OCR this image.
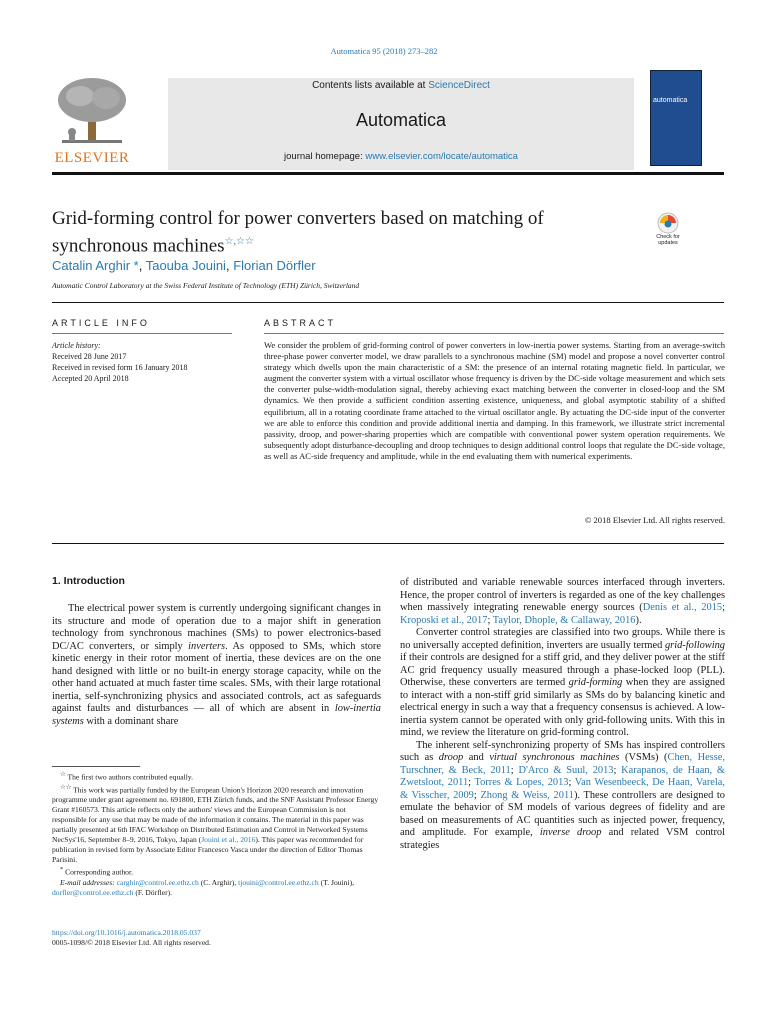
Automatica 95 (2018) 273–282
ELSEVIER
Contents lists available at ScienceDirect
Automatica
journal homepage: www.elsevier.com/locate/automatica
automatica
Grid-forming control for power converters based on matching of
synchronous machines☆,☆☆	Check for updates
Catalin Arghir *, Taouba Jouini, Florian Dörfler
Automatic Control Laboratory at the Swiss Federal Institute of Technology (ETH) Zürich, Switzerland
ARTICLE INFO
Article history:
Received 28 June 2017
Received in revised form 16 January 2018
Accepted 20 April 2018
ABSTRACT
We consider the problem of grid-forming control of power converters in low-inertia power systems. Starting from an average-switch three-phase power converter model, we draw parallels to a synchronous machine (SM) model and propose a novel converter control strategy which dwells upon the main characteristic of a SM: the presence of an internal rotating magnetic field. In particular, we augment the converter system with a virtual oscillator whose frequency is driven by the DC-side voltage measurement and which sets the converter pulse-width-modulation signal, thereby achieving exact matching between the converter in closed-loop and the SM dynamics. We then provide a sufficient condition asserting existence, uniqueness, and global asymptotic stability of a shifted equilibrium, all in a rotating coordinate frame attached to the virtual oscillator angle. By actuating the DC-side input of the converter we are able to enforce this condition and provide additional inertia and damping. In this framework, we illustrate strict incremental passivity, droop, and power-sharing properties which are compatible with conventional power system operation requirements. We subsequently adopt disturbance-decoupling and droop techniques to design additional control loops that regulate the DC-side voltage, as well as AC-side frequency and amplitude, while in the end evaluating them with numerical experiments.
© 2018 Elsevier Ltd. All rights reserved.
1. Introduction

The electrical power system is currently undergoing significant changes in its structure and mode of operation due to a major shift in generation technology from synchronous machines (SMs) to power electronics-based DC/AC converters, or simply inverters. As opposed to SMs, which store kinetic energy in their rotor moment of inertia, these devices are on the one hand designed with little or no built-in energy storage capacity, while on the other hand actuated at much faster time scales. SMs, with their large rotational inertia, self-synchronizing physics and associated controls, act as safeguards against faults and disturbances — all of which are absent in low-inertia systems with a dominant share

☆ The first two authors contributed equally.

☆☆ This work was partially funded by the European Union's Horizon 2020 research and innovation programme under grant agreement no. 691800, ETH Zürich funds, and the SNF Assistant Professor Energy Grant #160573. This article reflects only the authors' views and the European Commission is not responsible for any use that may be made of the information it contains. The material in this paper was partially presented at 6th IFAC Workshop on Distributed Estimation and Control in Networked Systems NecSys'16, September 8–9, 2016, Tokyo, Japan (Jouini et al., 2016). This paper was recommended for publication in revised form by Associate Editor Francesco Vasca under the direction of Editor Thomas Parisini.

* Corresponding author.

E-mail addresses: carghir@control.ee.ethz.ch (C. Arghir), tjouini@control.ee.ethz.ch (T. Jouini), dorfler@control.ee.ethz.ch (F. Dörfler).

https://doi.org/10.1016/j.automatica.2018.05.037
0005-1098/© 2018 Elsevier Ltd. All rights reserved.

of distributed and variable renewable sources interfaced through inverters. Hence, the proper control of inverters is regarded as one of the key challenges when massively integrating renewable energy sources (Denis et al., 2015; Kroposki et al., 2017; Taylor, Dhople, & Callaway, 2016).

Converter control strategies are classified into two groups. While there is no universally accepted definition, inverters are usually termed grid-following if their controls are designed for a stiff grid, and they deliver power at the stiff AC grid frequency usually measured through a phase-locked loop (PLL). Otherwise, these converters are termed grid-forming when they are assigned to interact with a non-stiff grid similarly as SMs do by balancing kinetic and electrical energy in such a way that a frequency consensus is achieved. A low-inertia system cannot be operated with only grid-following units. With this in mind, we review the literature on grid-forming control.

The inherent self-synchronizing property of SMs has inspired controllers such as droop and virtual synchronous machines (VSMs) (Chen, Hesse, Turschner, & Beck, 2011; D'Arco & Suul, 2013; Karapanos, de Haan, & Zwetsloot, 2011; Torres & Lopes, 2013; Van Wesenbeeck, De Haan, Varela, & Visscher, 2009; Zhong & Weiss, 2011). These controllers are designed to emulate the behavior of SM models of various degrees of fidelity and are based on measurements of AC quantities such as injected power, frequency, and amplitude. For example, inverse droop and related VSM control strategies
